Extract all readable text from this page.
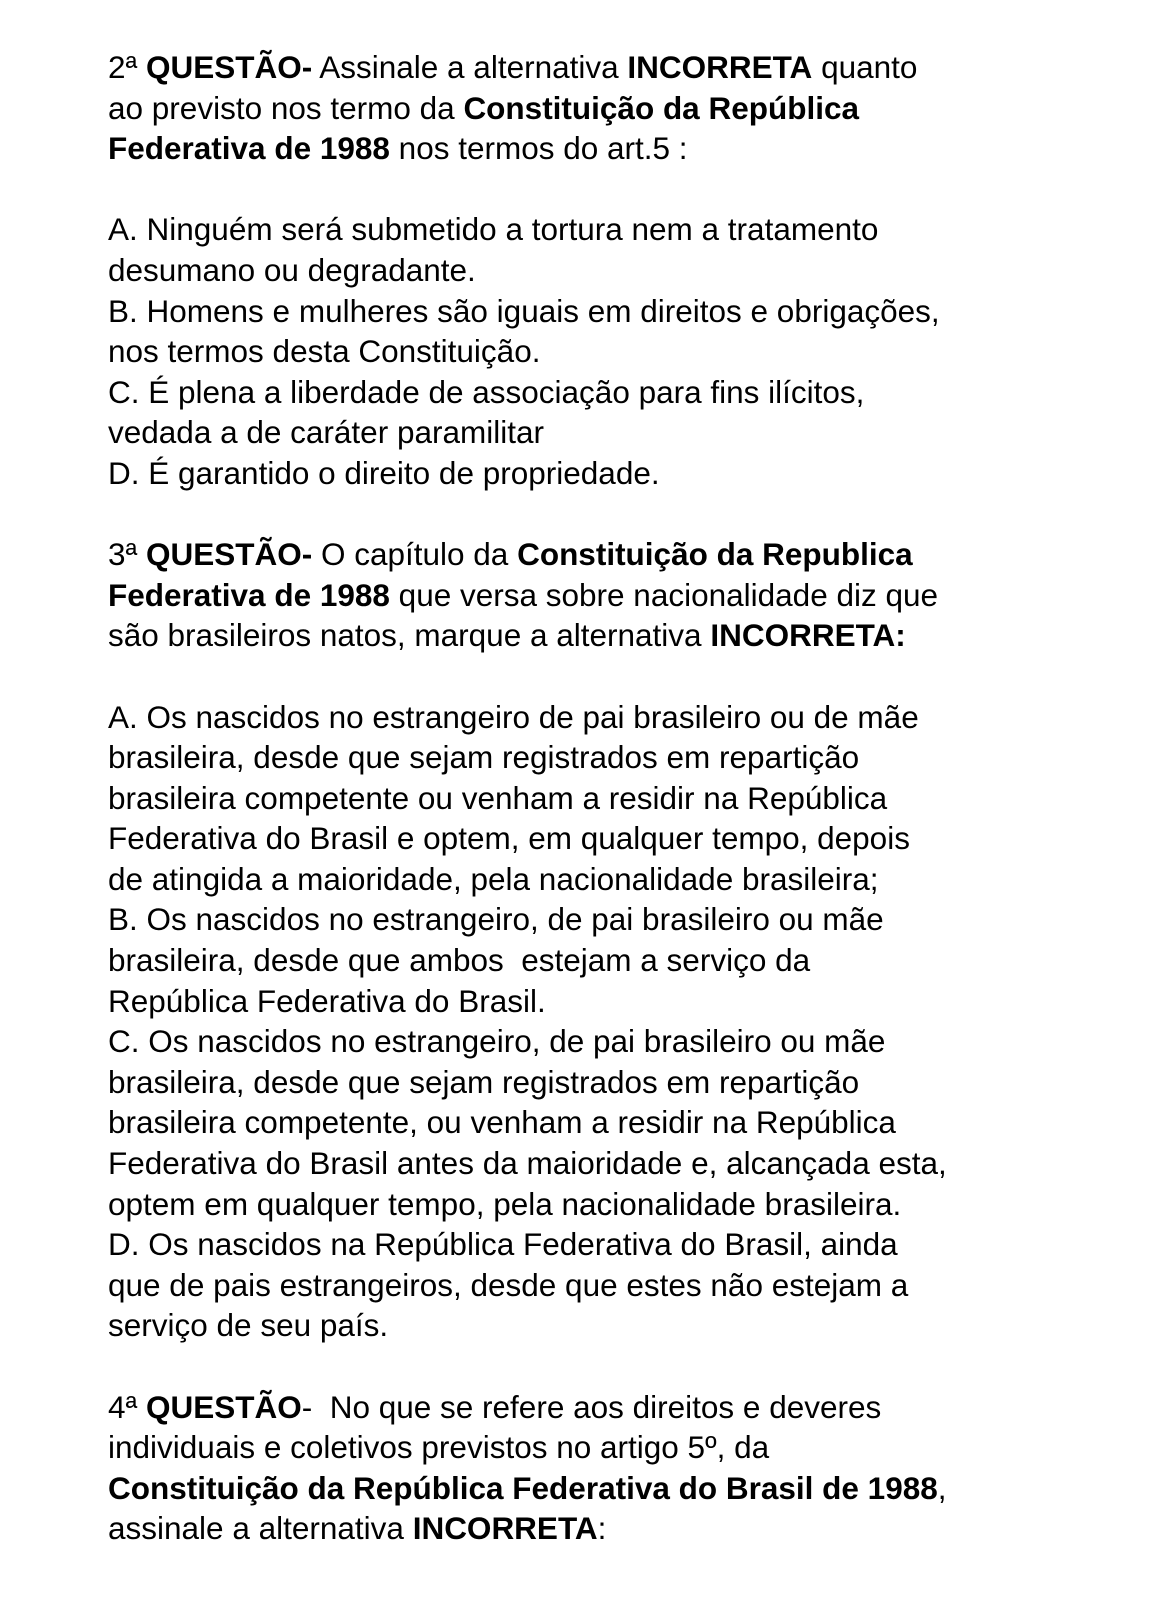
2ª QUESTÃO- Assinale a alternativa INCORRETA quanto
ao previsto nos termo da Constituição da República
Federativa de 1988 nos termos do art.5 :
A. Ninguém será submetido a tortura nem a tratamento
desumano ou degradante.
B. Homens e mulheres são iguais em direitos e obrigações,
nos termos desta Constituição.
C. É plena a liberdade de associação para fins ilícitos,
vedada a de caráter paramilitar
D. É garantido o direito de propriedade.
3ª QUESTÃO- O capítulo da Constituição da Republica
Federativa de 1988 que versa sobre nacionalidade diz que
são brasileiros natos, marque a alternativa INCORRETA:
A. Os nascidos no estrangeiro de pai brasileiro ou de mãe
brasileira, desde que sejam registrados em repartição
brasileira competente ou venham a residir na República
Federativa do Brasil e optem, em qualquer tempo, depois
de atingida a maioridade, pela nacionalidade brasileira;
B. Os nascidos no estrangeiro, de pai brasileiro ou mãe
brasileira, desde que ambos  estejam a serviço da
República Federativa do Brasil.
C. Os nascidos no estrangeiro, de pai brasileiro ou mãe
brasileira, desde que sejam registrados em repartição
brasileira competente, ou venham a residir na República
Federativa do Brasil antes da maioridade e, alcançada esta,
optem em qualquer tempo, pela nacionalidade brasileira.
D. Os nascidos na República Federativa do Brasil, ainda
que de pais estrangeiros, desde que estes não estejam a
serviço de seu país.
4ª QUESTÃO-  No que se refere aos direitos e deveres
individuais e coletivos previstos no artigo 5º, da
Constituição da República Federativa do Brasil de 1988,
assinale a alternativa INCORRETA:
